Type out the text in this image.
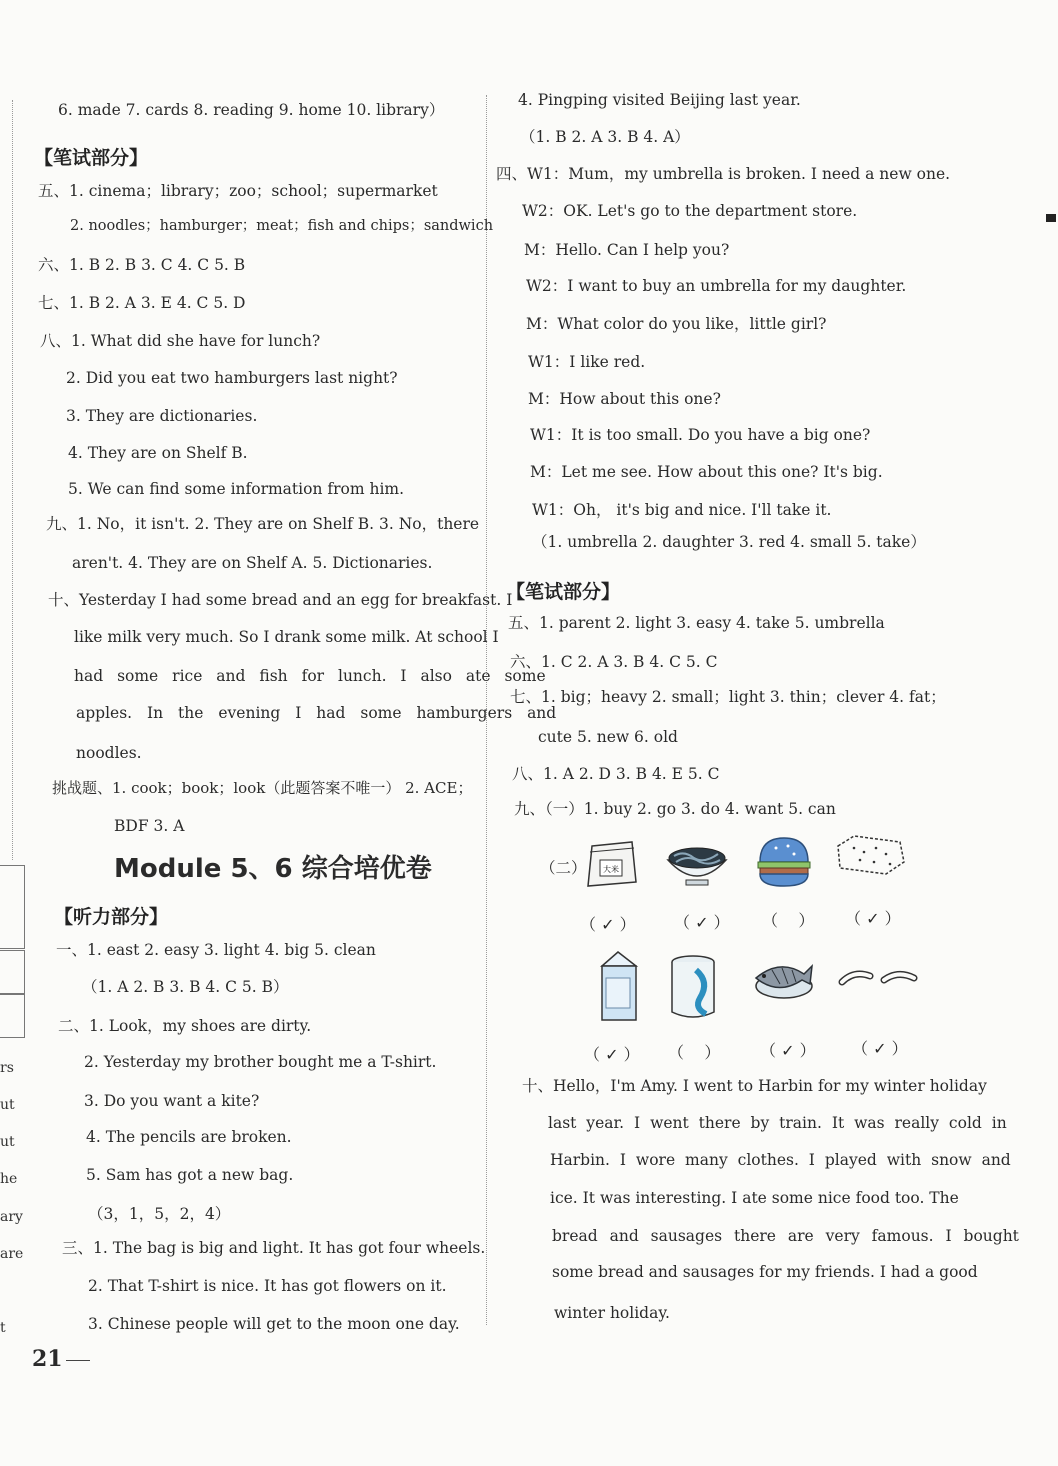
rs
ut
ut
he
ary
are
t
6. made 7. cards 8. reading 9. home 10. library）
【笔试部分】
五、1. cinema；library；zoo；school；supermarket
2. noodles；hamburger；meat；fish and chips；sandwich
六、1. B 2. B 3. C 4. C 5. B
七、1. B 2. A 3. E 4. C 5. D
八、1. What did she have for lunch?
2. Did you eat two hamburgers last night?
3. They are dictionaries.
4. They are on Shelf B.
5. We can find some information from him.
九、1. No，it isn't. 2. They are on Shelf B. 3. No，there
aren't. 4. They are on Shelf A. 5. Dictionaries.
十、Yesterday I had some bread and an egg for breakfast. I
like milk very much. So I drank some milk. At school I
had some rice and fish for lunch. I also ate some
apples. In the evening I had some hamburgers and
noodles.
挑战题、1. cook；book；look（此题答案不唯一） 2. ACE；
BDF 3. A
Module 5、6 综合培优卷
【听力部分】
一、1. east 2. easy 3. light 4. big 5. clean
（1. A 2. B 3. B 4. C 5. B）
二、1. Look，my shoes are dirty.
2. Yesterday my brother bought me a T-shirt.
3. Do you want a kite?
4. The pencils are broken.
5. Sam has got a new bag.
（3，1，5，2，4）
三、1. The bag is big and light. It has got four wheels.
2. That T-shirt is nice. It has got flowers on it.
3. Chinese people will get to the moon one day.
21
4. Pingping visited Beijing last year.
（1. B 2. A 3. B 4. A）
四、W1：Mum，my umbrella is broken. I need a new one.
W2：OK. Let's go to the department store.
M：Hello. Can I help you?
W2：I want to buy an umbrella for my daughter.
M：What color do you like，little girl?
W1：I like red.
M：How about this one?
W1：It is too small. Do you have a big one?
M：Let me see. How about this one? It's big.
W1：Oh， it's big and nice. I'll take it.
（1. umbrella 2. daughter 3. red 4. small 5. take）
【笔试部分】
五、1. parent 2. light 3. easy 4. take 5. umbrella
六、1. C 2. A 3. B 4. C 5. C
七、1. big；heavy 2. small；light 3. thin；clever 4. fat；
cute 5. new 6. old
八、1. A 2. D 3. B 4. E 5. C
九、（一）1. buy 2. go 3. do 4. want 5. can
（二） 大米
（ ✓ ） （ ✓ ） （    ） （ ✓ ）
（ ✓ ） （    ） （ ✓ ） （ ✓ ）
十、Hello，I'm Amy. I went to Harbin for my winter holiday
last year. I went there by train. It was really cold in
Harbin. I wore many clothes. I played with snow and
ice. It was interesting. I ate some nice food too. The
bread and sausages there are very famous. I bought
some bread and sausages for my friends. I had a good
winter holiday.
